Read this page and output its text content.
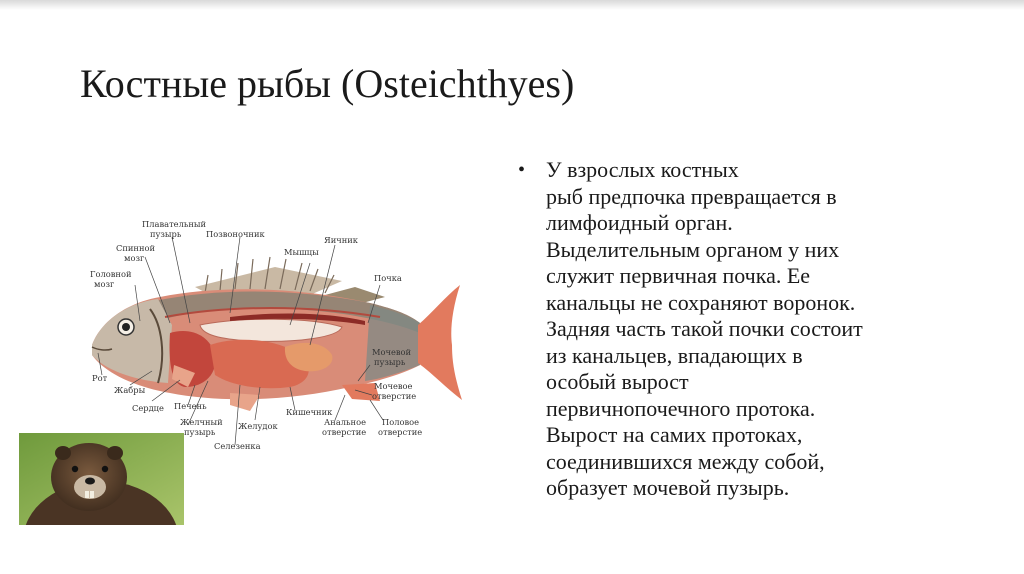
Костные рыбы (Osteichthyes)
Плавательный
пузырь	Позвоночник
Спинной
мозг
Головной
мозг
Мышцы
Яичник
Почка
Мочевой
пузырь
Мочевое
отверстие
Рот
Жабры
Сердце Печень
Желчный
пузырь
Селезенка
Желудок
Кишечник
Анальное
отверстие
Половое
отверстие
• У взрослых костных
рыб предпочка превращается в
лимфоидный орган.
Выделительным органом у них
служит первичная почка. Ее
канальцы не сохраняют воронок.
Задняя часть такой почки состоит
из канальцев, впадающих в
особый вырост
первичнопочечного протока.
Вырост на самих протоках,
соединившихся между собой,
образует мочевой пузырь.
